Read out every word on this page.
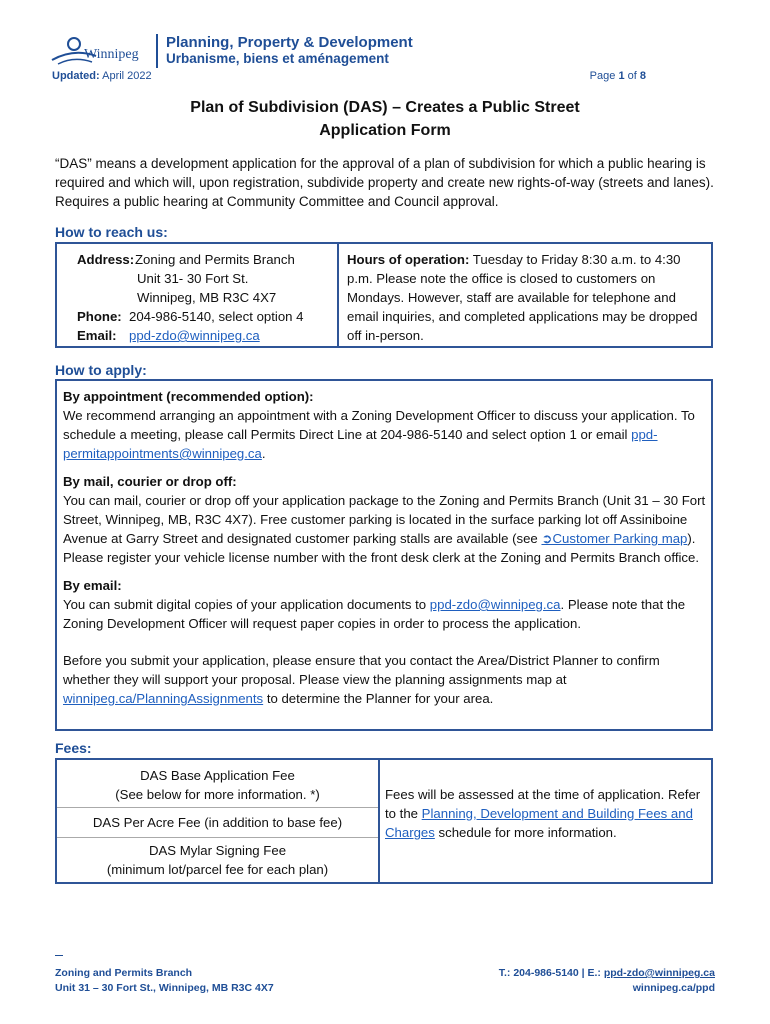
Winnipeg
Planning, Property & Development
Urbanisme, biens et aménagement
Updated: April 2022	Page 1 of 8
Plan of Subdivision (DAS) – Creates a Public Street
Application Form
“DAS” means a development application for the approval of a plan of subdivision for which a public hearing is required and which will, upon registration, subdivide property and create new rights-of-way (streets and lanes). Requires a public hearing at Community Committee and Council approval.
How to reach us:
Address:Zoning and Permits Branch
Unit 31- 30 Fort St.
Winnipeg, MB R3C 4X7
Phone: 204-986-5140, select option 4
Email: ppd-zdo@winnipeg.ca
Hours of operation: Tuesday to Friday 8:30 a.m. to 4:30 p.m. Please note the office is closed to customers on Mondays. However, staff are available for telephone and email inquiries, and completed applications may be dropped off in-person.
How to apply:

By appointment (recommended option):

We recommend arranging an appointment with a Zoning Development Officer to discuss your application. To schedule a meeting, please call Permits Direct Line at 204-986-5140 and select option 1 or email ppd-permitappointments@winnipeg.ca.

By mail, courier or drop off:

You can mail, courier or drop off your application package to the Zoning and Permits Branch (Unit 31 – 30 Fort Street, Winnipeg, MB, R3C 4X7). Free customer parking is located in the surface parking lot off Assiniboine Avenue at Garry Street and designated customer parking stalls are available (see ➲Customer Parking map). Please register your vehicle license number with the front desk clerk at the Zoning and Permits Branch office.

By email:

You can submit digital copies of your application documents to ppd-zdo@winnipeg.ca. Please note that the Zoning Development Officer will request paper copies in order to process the application.

Before you submit your application, please ensure that you contact the Area/District Planner to confirm whether they will support your proposal. Please view the planning assignments map at winnipeg.ca/PlanningAssignments to determine the Planner for your area.

Fees:
DAS Base Application Fee
(See below for more information. *)
DAS Per Acre Fee (in addition to base fee)
DAS Mylar Signing Fee
(minimum lot/parcel fee for each plan)
Fees will be assessed at the time of application. Refer to the Planning, Development and Building Fees and Charges schedule for more information.
Zoning and Permits Branch
Unit 31 – 30 Fort St., Winnipeg, MB R3C 4X7
T.: 204-986-5140 | E.: ppd-zdo@winnipeg.ca
winnipeg.ca/ppd
